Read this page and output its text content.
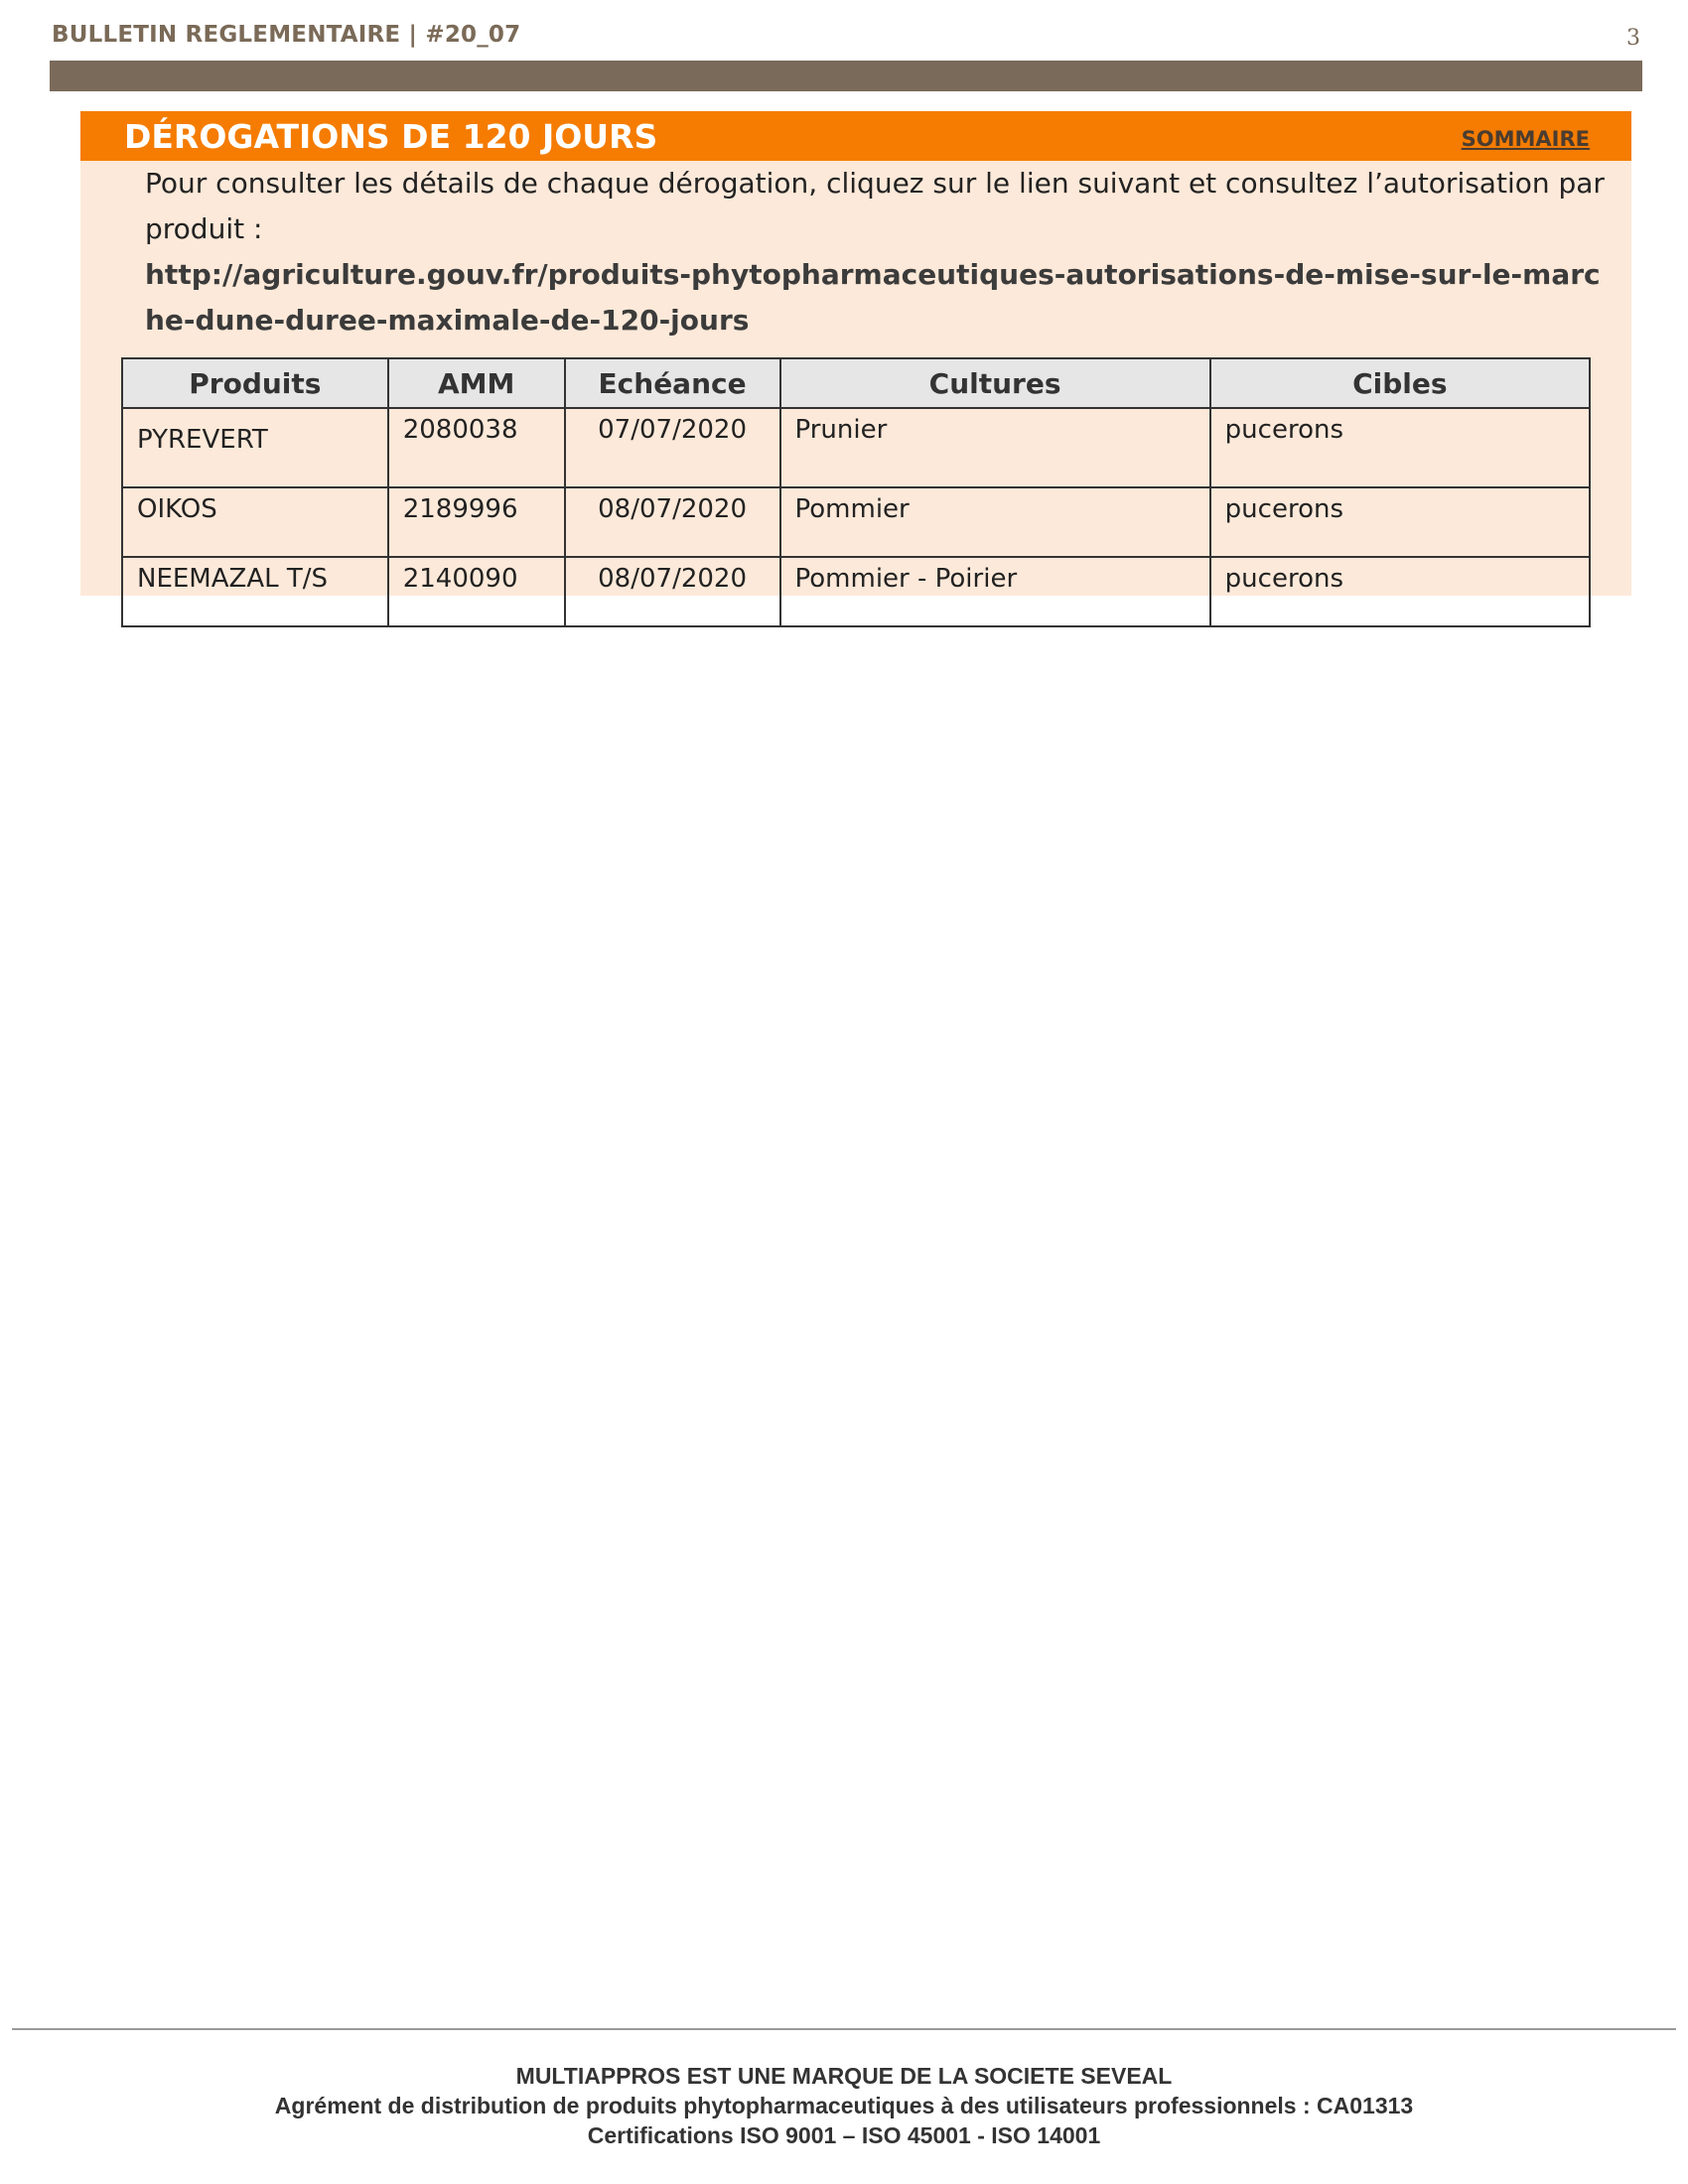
BULLETIN REGLEMENTAIRE | #20_07	3
DÉROGATIONS DE 120 JOURS	SOMMAIRE
Pour consulter les détails de chaque dérogation, cliquez sur le lien suivant et consultez l’autorisation par produit :
http://agriculture.gouv.fr/produits-phytopharmaceutiques-autorisations-de-mise-sur-le-marche-dune-duree-maximale-de-120-jours
Produits	AMM	Echéance	Cultures	Cibles
PYREVERT	2080038	07/07/2020	Prunier	pucerons
OIKOS	2189996	08/07/2020	Pommier	pucerons
NEEMAZAL T/S	2140090	08/07/2020	Pommier - Poirier	pucerons
MULTIAPPROS EST UNE MARQUE DE LA SOCIETE SEVEAL
Agrément de distribution de produits phytopharmaceutiques à des utilisateurs professionnels : CA01313
Certifications ISO 9001 – ISO 45001 - ISO 14001
